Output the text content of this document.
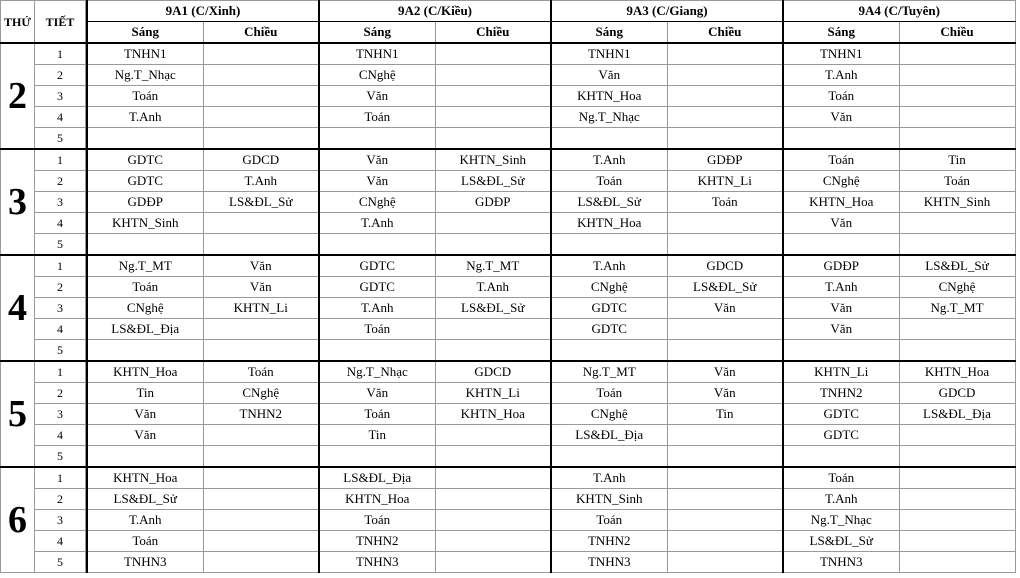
THỨ	TIẾT		9A1 (C/Xinh)		9A2 (C/Kiều)		9A3 (C/Giang)		9A4 (C/Tuyên)	
			Sáng	Chiều	Sáng	Chiều	Sáng	Chiều	Sáng	Chiều
2	1		TNHN1		TNHN1		TNHN1		TNHN1	
	2		Ng.T_Nhạc		CNghệ		Văn		T.Anh	
	3		Toán		Văn		KHTN_Hoa		Toán	
	4		T.Anh		Toán		Ng.T_Nhạc		Văn	
	5									
3	1		GDTC	GDCD	Văn	KHTN_Sinh	T.Anh	GDĐP	Toán	Tin
	2		GDTC	T.Anh	Văn	LS&ĐL_Sử	Toán	KHTN_Li	CNghệ	Toán
	3		GDĐP	LS&ĐL_Sử	CNghệ	GDĐP	LS&ĐL_Sử	Toán	KHTN_Hoa	KHTN_Sinh
	4		KHTN_Sinh		T.Anh		KHTN_Hoa		Văn	
	5									
4	1		Ng.T_MT	Văn	GDTC	Ng.T_MT	T.Anh	GDCD	GDĐP	LS&ĐL_Sử
	2		Toán	Văn	GDTC	T.Anh	CNghệ	LS&ĐL_Sử	T.Anh	CNghệ
	3		CNghệ	KHTN_Li	T.Anh	LS&ĐL_Sử	GDTC	Văn	Văn	Ng.T_MT
	4		LS&ĐL_Địa		Toán		GDTC		Văn	
	5									
5	1		KHTN_Hoa	Toán	Ng.T_Nhạc	GDCD	Ng.T_MT	Văn	KHTN_Li	KHTN_Hoa
	2		Tin	CNghệ	Văn	KHTN_Li	Toán	Văn	TNHN2	GDCD
	3		Văn	TNHN2	Toán	KHTN_Hoa	CNghệ	Tin	GDTC	LS&ĐL_Địa
	4		Văn		Tin		LS&ĐL_Địa		GDTC	
	5									
6	1		KHTN_Hoa		LS&ĐL_Địa		T.Anh		Toán	
	2		LS&ĐL_Sử		KHTN_Hoa		KHTN_Sinh		T.Anh	
	3		T.Anh		Toán		Toán		Ng.T_Nhạc	
	4		Toán		TNHN2		TNHN2		LS&ĐL_Sử	
	5		TNHN3		TNHN3		TNHN3		TNHN3	
